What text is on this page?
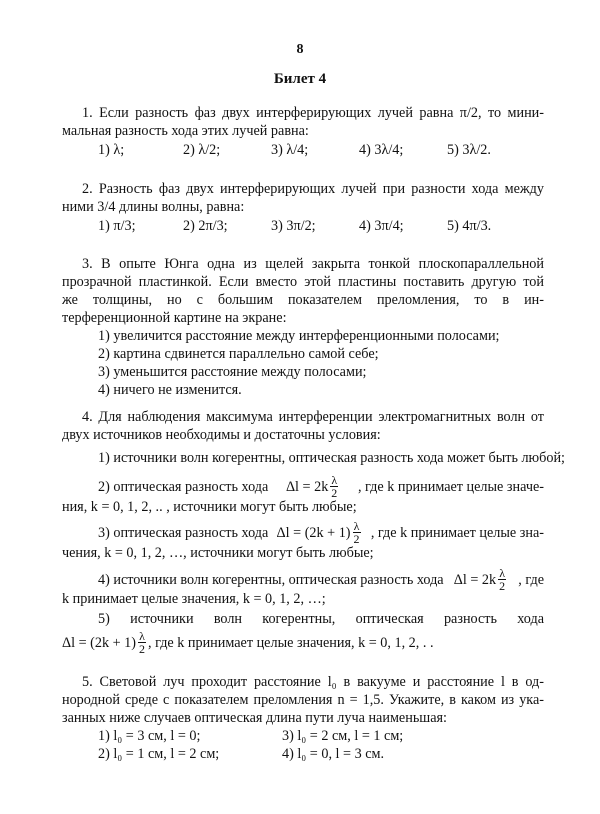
8
Билет 4
1. Если разность фаз двух интерферирующих лучей равна π/2, то мини-
мальная разность хода этих лучей равна:
1) λ;	2) λ/2;	3) λ/4;	4) 3λ/4;	5) 3λ/2.
2. Разность фаз двух интерферирующих лучей при разности хода между
ними 3/4 длины волны, равна:
1) π/3;	2) 2π/3;	3) 3π/2;	4) 3π/4;	5) 4π/3.
3. В опыте Юнга одна из щелей закрыта тонкой плоскопараллельной
прозрачной пластинкой. Если вместо этой пластины поставить другую той
же толщины, но с большим показателем преломления, то в ин-
терференционной картине на экране:
1) увеличится расстояние между интерференционными полосами;
2) картина сдвинется параллельно самой себе;
3) уменьшится расстояние между полосами;
4) ничего не изменится.
4. Для наблюдения максимума интерференции электромагнитных волн от
двух источников необходимы и достаточны условия:
1) источники волн когерентны, оптическая разность хода может быть любой;
2) оптическая разность хода $\Delta l = 2k \frac{\lambda}{2}$ , где k принимает целые значе-
ния, k = 0, 1, 2, .. , источники могут быть любые;
3) оптическая разность хода $\Delta l = (2k + 1) \frac{\lambda}{2}$ , где k принимает целые зна-
чения, k = 0, 1, 2, …, источники могут быть любые;
4) источники волн когерентны, оптическая разность хода $\Delta l = 2k \frac{\lambda}{2}$ , где
k принимает целые значения, k = 0, 1, 2, …;
5) источники волн когерентны, оптическая разность хода
$\Delta l = (2k + 1) \frac{\lambda}{2}$ , где k принимает целые значения, k = 0, 1, 2, . .
5. Световой луч проходит расстояние l₀ в вакууме и расстояние l в од-
нородной среде с показателем преломления n = 1,5. Укажите, в каком из ука-
занных ниже случаев оптическая длина пути луча наименьшая:
1) l₀ = 3 см, l = 0;	3) l₀ = 2 см, l = 1 см;
2) l₀ = 1 см, l = 2 см;	4) l₀ = 0, l = 3 см.
